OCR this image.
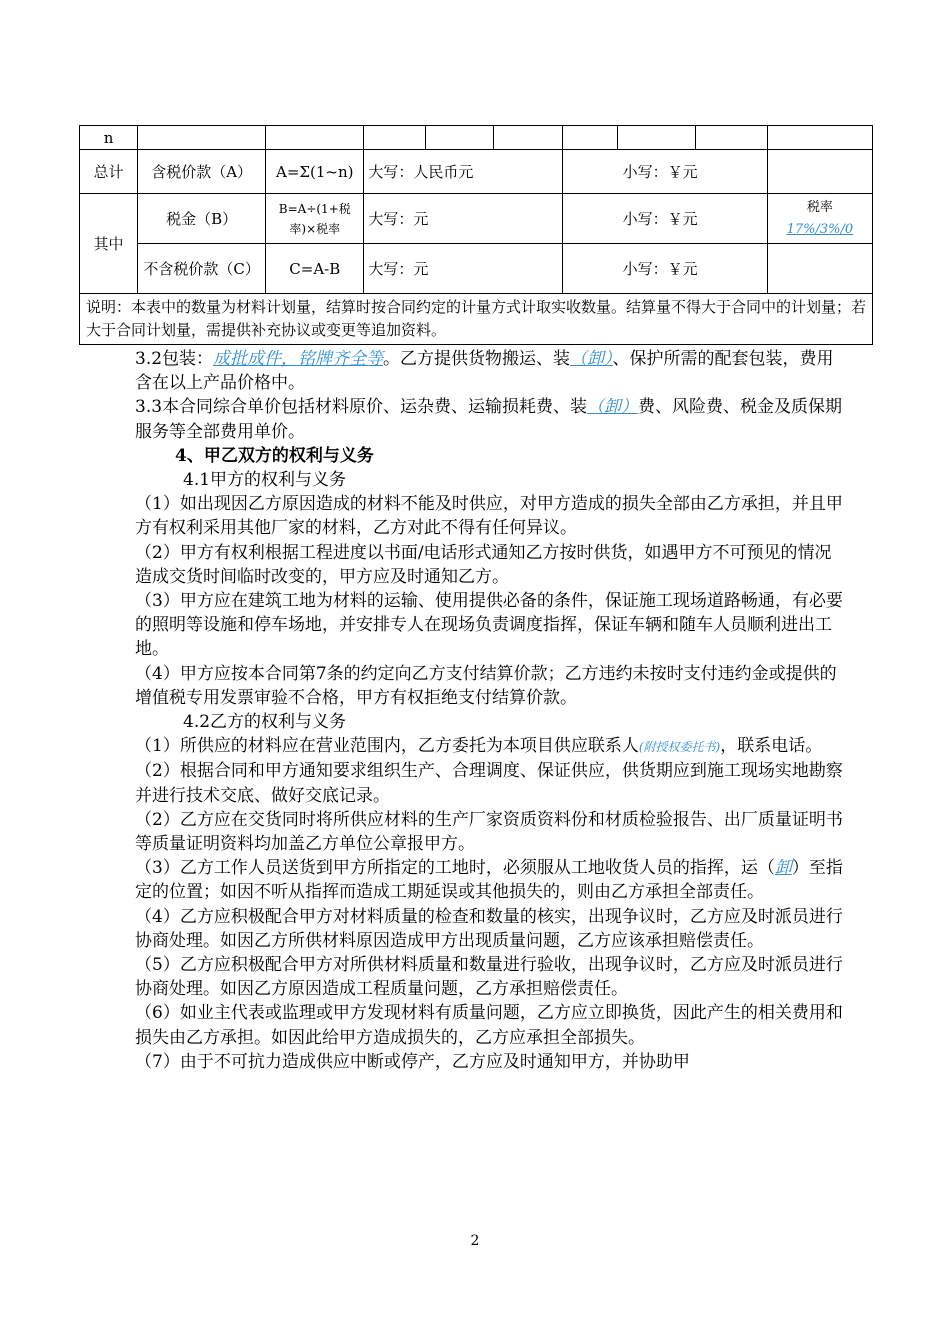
n									
总计	含税价款（A）	A=Σ(1~n)	大写：人民币元			小写：￥元			
其中	税金（B）	B=A÷(1+税率)×税率	大写：元			小写：￥元			税率 17%/3%/0
	不含税价款（C）	C=A-B	大写：元			小写：￥元			
说明：本表中的数量为材料计划量，结算时按合同约定的计量方式计取实收数量。结算量不得大于合同中的计划量；若大于合同计划量，需提供补充协议或变更等追加资料。									

3.2包装：成批成件，铭牌齐全等。乙方提供货物搬运、装（卸）、保护所需的配套包装，费用含在以上产品价格中。

3.3本合同综合单价包括材料原价、运杂费、运输损耗费、装（卸）费、风险费、税金及质保期服务等全部费用单价。

4、甲乙双方的权利与义务

4.1甲方的权利与义务

（1）如出现因乙方原因造成的材料不能及时供应，对甲方造成的损失全部由乙方承担，并且甲方有权利采用其他厂家的材料，乙方对此不得有任何异议。

（2）甲方有权利根据工程进度以书面/电话形式通知乙方按时供货，如遇甲方不可预见的情况造成交货时间临时改变的，甲方应及时通知乙方。

（3）甲方应在建筑工地为材料的运输、使用提供必备的条件，保证施工现场道路畅通，有必要的照明等设施和停车场地，并安排专人在现场负责调度指挥，保证车辆和随车人员顺利进出工地。

（4）甲方应按本合同第7条的约定向乙方支付结算价款；乙方违约未按时支付违约金或提供的增值税专用发票审验不合格，甲方有权拒绝支付结算价款。

4.2乙方的权利与义务

（1）所供应的材料应在营业范围内，乙方委托为本项目供应联系人(附授权委托书)，联系电话。

（2）根据合同和甲方通知要求组织生产、合理调度、保证供应，供货期应到施工现场实地勘察并进行技术交底、做好交底记录。

（2）乙方应在交货同时将所供应材料的生产厂家资质资料份和材质检验报告、出厂质量证明书等质量证明资料均加盖乙方单位公章报甲方。

（3）乙方工作人员送货到甲方所指定的工地时，必须服从工地收货人员的指挥，运（卸）至指定的位置；如因不听从指挥而造成工期延误或其他损失的，则由乙方承担全部责任。

（4）乙方应积极配合甲方对材料质量的检查和数量的核实，出现争议时，乙方应及时派员进行协商处理。如因乙方所供材料原因造成甲方出现质量问题，乙方应该承担赔偿责任。

（5）乙方应积极配合甲方对所供材料质量和数量进行验收，出现争议时，乙方应及时派员进行协商处理。如因乙方原因造成工程质量问题，乙方承担赔偿责任。

（6）如业主代表或监理或甲方发现材料有质量问题，乙方应立即换货，因此产生的相关费用和损失由乙方承担。如因此给甲方造成损失的，乙方应承担全部损失。

（7）由于不可抗力造成供应中断或停产，乙方应及时通知甲方，并协助甲

2
